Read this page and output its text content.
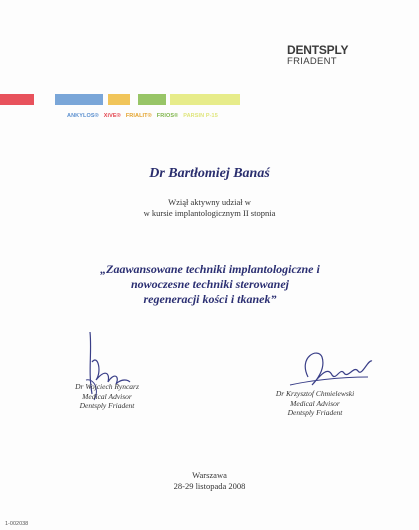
DENTSPLY
FRIADENT
ANKYLOS® XiVE® FRIALIT® FRIOS® PARSIN P-15
Dr Bartłomiej Banaś
Wziął aktywny udział w
w kursie implantologicznym II stopnia
„Zaawansowane techniki implantologiczne i
nowoczesne techniki sterowanej
regeneracji kości i tkanek”
Dr Wojciech Ryncarz
Medical Advisor
Dentsply Friadent
Dr Krzysztof Chmielewski
Medical Advisor
Dentsply Friadent
Warszawa
28-29 listopada 2008
1-002038
